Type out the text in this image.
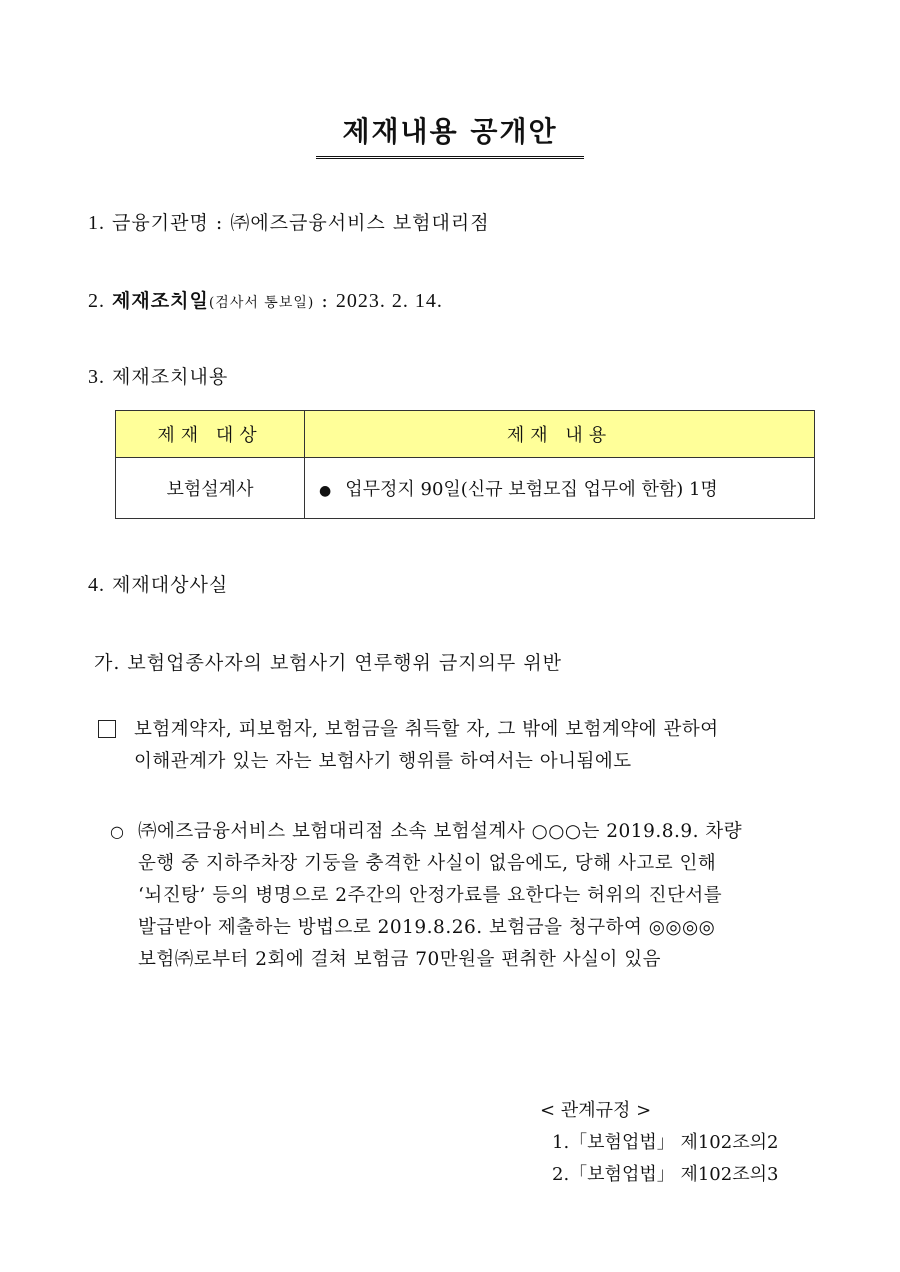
제재내용 공개안
1. 금융기관명 : ㈜에즈금융서비스 보험대리점
2. 제재조치일(검사서 통보일) : 2023. 2. 14.
3. 제재조치내용
제재 대상	제재 내용
보험설계사	● 업무정지 90일(신규 보험모집 업무에 한함) 1명
4. 제재대상사실
가. 보험업종사자의 보험사기 연루행위 금지의무 위반
보험계약자, 피보험자, 보험금을 취득할 자, 그 밖에 보험계약에 관하여
이해관계가 있는 자는 보험사기 행위를 하여서는 아니됨에도
○ ㈜에즈금융서비스 보험대리점 소속 보험설계사 ○○○는 2019.8.9. 차량
운행 중 지하주차장 기둥을 충격한 사실이 없음에도, 당해 사고로 인해
‘뇌진탕’ 등의 병명으로 2주간의 안정가료를 요한다는 허위의 진단서를
발급받아 제출하는 방법으로 2019.8.26. 보험금을 청구하여 ◎◎◎◎
보험㈜로부터 2회에 걸쳐 보험금 70만원을 편취한 사실이 있음
< 관계규정 >
1.「보험업법」 제102조의2
2.「보험업법」 제102조의3
